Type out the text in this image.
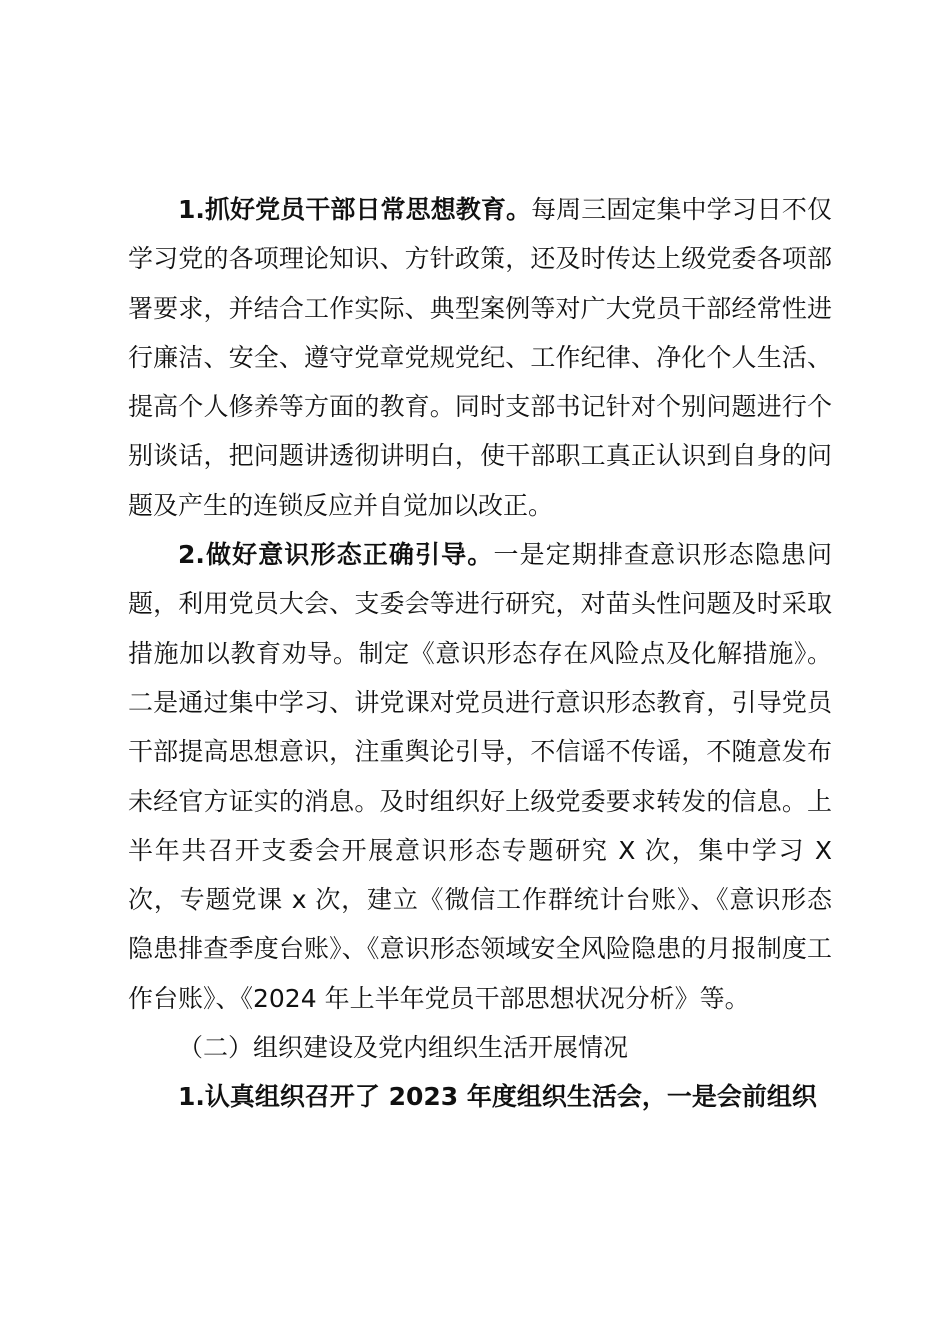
1.抓好党员干部日常思想教育。每周三固定集中学习日不仅学习党的各项理论知识、方针政策，还及时传达上级党委各项部署要求，并结合工作实际、典型案例等对广大党员干部经常性进行廉洁、安全、遵守党章党规党纪、工作纪律、净化个人生活、提高个人修养等方面的教育。同时支部书记针对个别问题进行个别谈话，把问题讲透彻讲明白，使干部职工真正认识到自身的问题及产生的连锁反应并自觉加以改正。

2.做好意识形态正确引导。一是定期排查意识形态隐患问题，利用党员大会、支委会等进行研究，对苗头性问题及时采取措施加以教育劝导。制定《意识形态存在风险点及化解措施》。二是通过集中学习、讲党课对党员进行意识形态教育，引导党员干部提高思想意识，注重舆论引导，不信谣不传谣，不随意发布未经官方证实的消息。及时组织好上级党委要求转发的信息。上半年共召开支委会开展意识形态专题研究 X 次，集中学习 X 次，专题党课 x 次，建立《微信工作群统计台账》、《意识形态隐患排查季度台账》、《意识形态领域安全风险隐患的月报制度工作台账》、《2024 年上半年党员干部思想状况分析》等。

（二）组织建设及党内组织生活开展情况

1.认真组织召开了 2023 年度组织生活会，一是会前组织
